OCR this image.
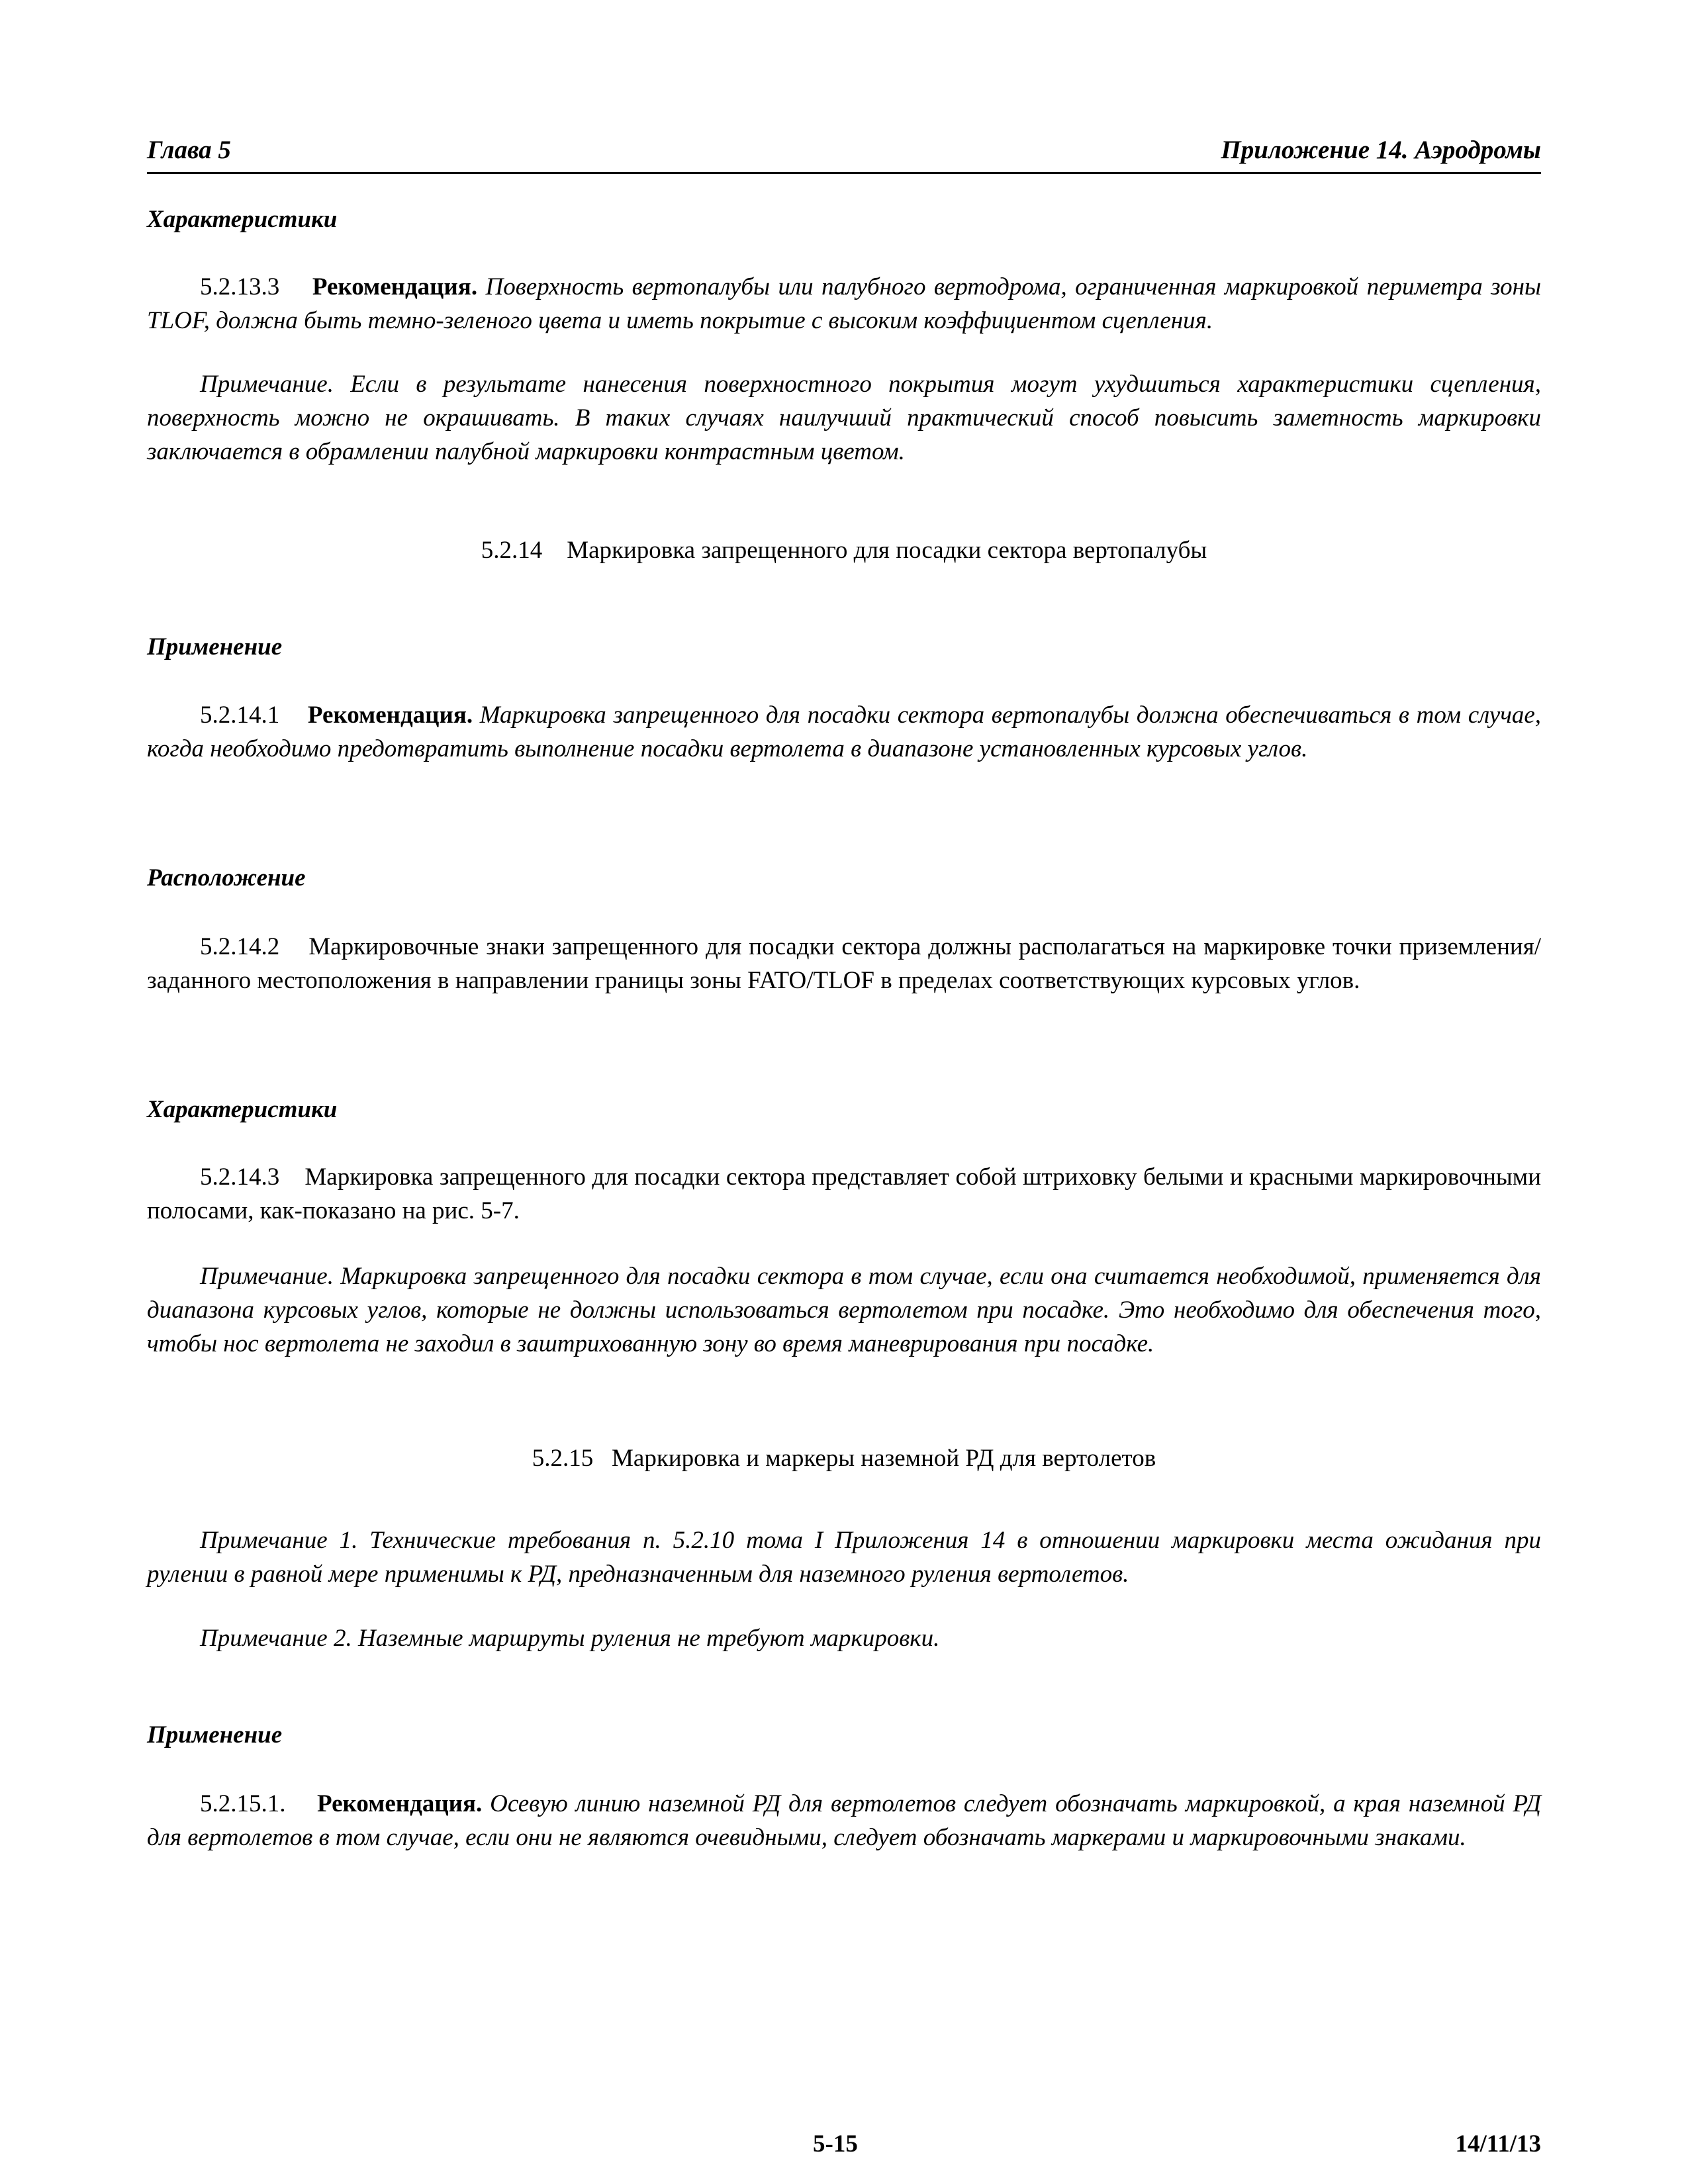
Глава 5	Приложение 14. Аэродромы
Характеристики
5.2.13.3 Рекомендация. Поверхность вертопалубы или палубного вертодрома, ограниченная маркировкой периметра зоны TLOF, должна быть темно-зеленого цвета и иметь покрытие с высоким коэффициентом сцепления.
Примечание. Если в результате нанесения поверхностного покрытия могут ухудшиться характеристики сцепления, поверхность можно не окрашивать. В таких случаях наилучший практический способ повысить заметность маркировки заключается в обрамлении палубной маркировки контрастным цветом.
5.2.14    Маркировка запрещенного для посадки сектора вертопалубы
Применение
5.2.14.1 Рекомендация. Маркировка запрещенного для посадки сектора вертопалубы должна обеспечиваться в том случае, когда необходимо предотвратить выполнение посадки вертолета в диапазоне установленных курсовых углов.
Расположение
5.2.14.2 Маркировочные знаки запрещенного для посадки сектора должны располагаться на маркировке точки приземления/заданного местоположения в направлении границы зоны FATO/TLOF в пределах соответствующих курсовых углов.
Характеристики
5.2.14.3 Маркировка запрещенного для посадки сектора представляет собой штриховку белыми и красными маркировочными полосами, как-показано на рис. 5-7.
Примечание. Маркировка запрещенного для посадки сектора в том случае, если она считается необходимой, применяется для диапазона курсовых углов, которые не должны использоваться вертолетом при посадке. Это необходимо для обеспечения того, чтобы нос вертолета не заходил в заштрихованную зону во время маневрирования при посадке.
5.2.15   Маркировка и маркеры наземной РД для вертолетов
Примечание 1. Технические требования п. 5.2.10 тома I Приложения 14 в отношении маркировки места ожидания при рулении в равной мере применимы к РД, предназначенным для наземного руления вертолетов.
Примечание 2. Наземные маршруты руления не требуют маркировки.
Применение
5.2.15.1. Рекомендация. Осевую линию наземной РД для вертолетов следует обозначать маркировкой, а края наземной РД для вертолетов в том случае, если они не являются очевидными, следует обозначать маркерами и маркировочными знаками.
5-15	14/11/13
